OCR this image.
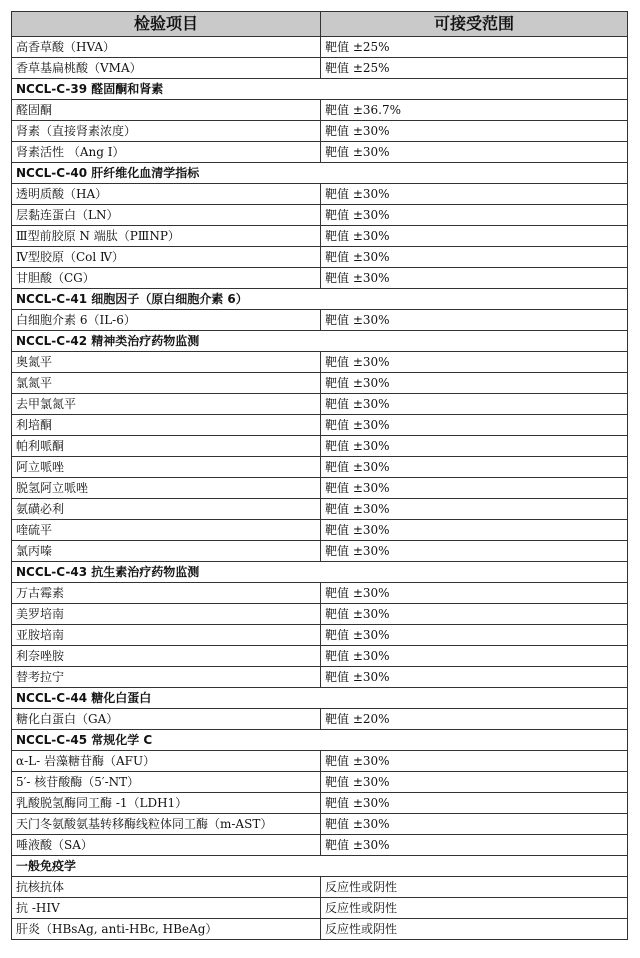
检验项目	可接受范围
高香草酸（HVA）	靶值 ±25%
香草基扁桃酸（VMA）	靶值 ±25%
NCCL-C-39 醛固酮和肾素	
醛固酮	靶值 ±36.7%
肾素（直接肾素浓度）	靶值 ±30%
肾素活性 （Ang Ⅰ）	靶值 ±30%
NCCL-C-40 肝纤维化血清学指标	
透明质酸（HA）	靶值 ±30%
层黏连蛋白（LN）	靶值 ±30%
Ⅲ型前胶原 N 端肽（PⅢNP）	靶值 ±30%
Ⅳ型胶原（Col Ⅳ）	靶值 ±30%
甘胆酸（CG）	靶值 ±30%
NCCL-C-41 细胞因子（原白细胞介素 6）	
白细胞介素 6（IL-6）	靶值 ±30%
NCCL-C-42 精神类治疗药物监测	
奥氮平	靶值 ±30%
氯氮平	靶值 ±30%
去甲氯氮平	靶值 ±30%
利培酮	靶值 ±30%
帕利哌酮	靶值 ±30%
阿立哌唑	靶值 ±30%
脱氢阿立哌唑	靶值 ±30%
氨磺必利	靶值 ±30%
喹硫平	靶值 ±30%
氯丙嗪	靶值 ±30%
NCCL-C-43 抗生素治疗药物监测	
万古霉素	靶值 ±30%
美罗培南	靶值 ±30%
亚胺培南	靶值 ±30%
利奈唑胺	靶值 ±30%
替考拉宁	靶值 ±30%
NCCL-C-44 糖化白蛋白	
糖化白蛋白（GA）	靶值 ±20%
NCCL-C-45 常规化学 C	
α-L- 岩藻糖苷酶（AFU）	靶值 ±30%
5′- 核苷酸酶（5′-NT）	靶值 ±30%
乳酸脱氢酶同工酶 -1（LDH1）	靶值 ±30%
天门冬氨酸氨基转移酶线粒体同工酶（m-AST）	靶值 ±30%
唾液酸（SA）	靶值 ±30%
一般免疫学	
抗核抗体	反应性或阴性
抗 -HIV	反应性或阴性
肝炎（HBsAg, anti-HBc, HBeAg）	反应性或阴性
